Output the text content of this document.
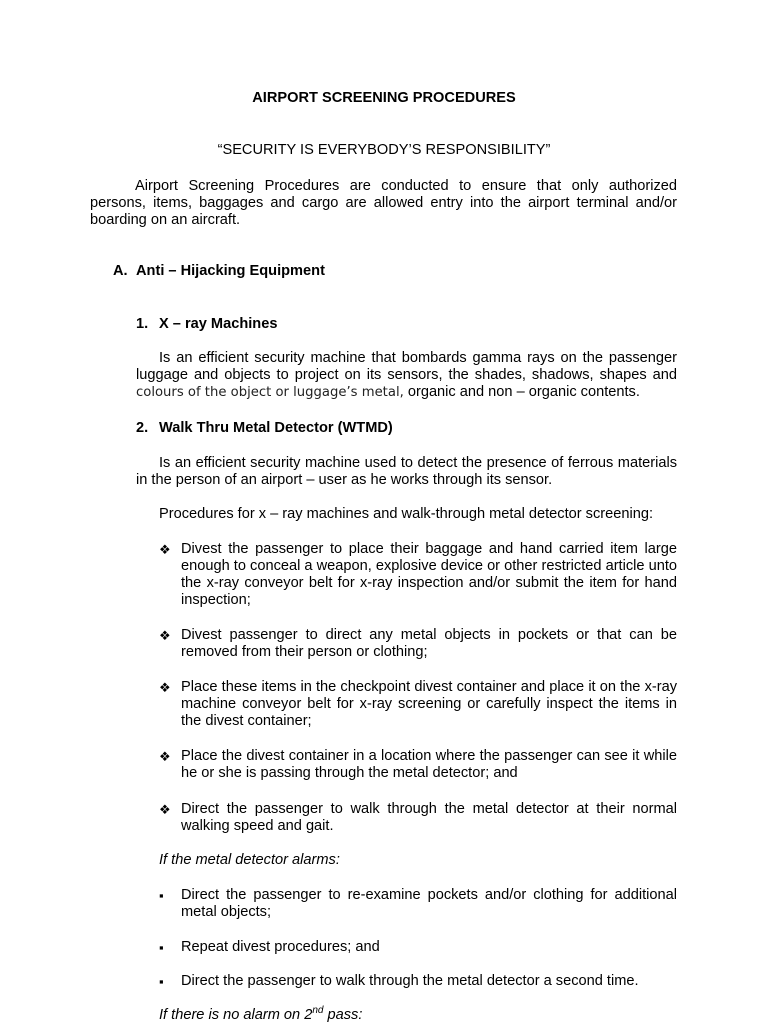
AIRPORT SCREENING PROCEDURES
“SECURITY IS EVERYBODY’S RESPONSIBILITY”
Airport Screening Procedures are conducted to ensure that only authorized persons, items, baggages and cargo are allowed entry into the airport terminal and/or boarding on an aircraft.
A. Anti – Hijacking Equipment
1. X – ray Machines
Is an efficient security machine that bombards gamma rays on the passenger luggage and objects to project on its sensors, the shades, shadows, shapes and colours of the object or luggage’s metal, organic and non – organic contents.
2. Walk Thru Metal Detector (WTMD)
Is an efficient security machine used to detect the presence of ferrous materials in the person of an airport – user as he works through its sensor.
Procedures for x – ray machines and walk-through metal detector screening:
❖ Divest the passenger to place their baggage and hand carried item large enough to conceal a weapon, explosive device or other restricted article unto the x-ray conveyor belt for x-ray inspection and/or submit the item for hand inspection;
❖ Divest passenger to direct any metal objects in pockets or that can be removed from their person or clothing;
❖ Place these items in the checkpoint divest container and place it on the x-ray machine conveyor belt for x-ray screening or carefully inspect the items in the divest container;
❖ Place the divest container in a location where the passenger can see it while he or she is passing through the metal detector; and
❖ Direct the passenger to walk through the metal detector at their normal walking speed and gait.
If the metal detector alarms:
▪	Direct the passenger to re-examine pockets and/or clothing for additional metal objects;
▪	Repeat divest procedures; and
▪	Direct the passenger to walk through the metal detector a second time.
If there is no alarm on 2nd pass:
